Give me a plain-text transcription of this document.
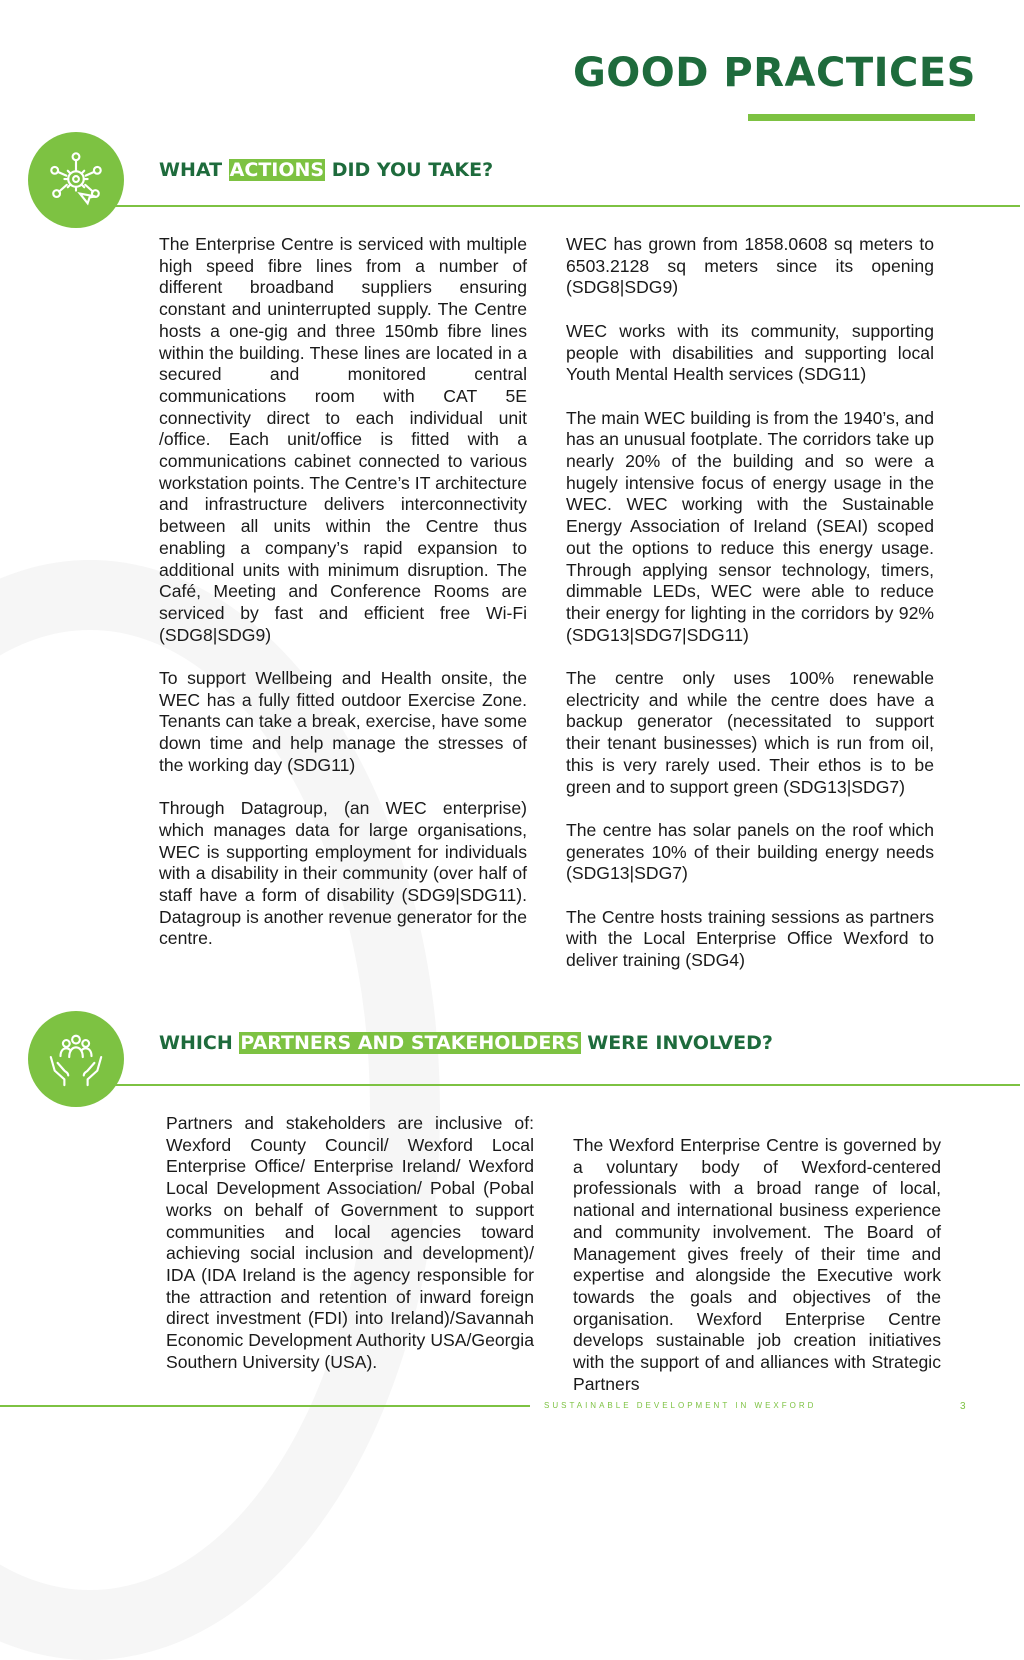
GOOD PRACTICES
WHAT ACTIONS DID YOU TAKE?

The Enterprise Centre is serviced with multiple high speed fibre lines from a number of different broadband suppliers ensuring constant and uninterrupted supply. The Centre hosts a one-gig and three 150mb fibre lines within the building. These lines are located in a secured and monitored central communications room with CAT 5E connectivity direct to each individual unit /office. Each unit/office is fitted with a communications cabinet connected to various workstation points. The Centre’s IT architecture and infrastructure delivers interconnectivity between all units within the Centre thus enabling a company’s rapid expansion to additional units with minimum disruption. The Café, Meeting and Conference Rooms are serviced by fast and efficient free Wi-Fi (SDG8|SDG9)

To support Wellbeing and Health onsite, the WEC has a fully fitted outdoor Exercise Zone. Tenants can take a break, exercise, have some down time and help manage the stresses of the working day (SDG11)

Through Datagroup, (an WEC enterprise) which manages data for large organisations, WEC is supporting employment for individuals with a disability in their community (over half of staff have a form of disability (SDG9|SDG11). Datagroup is another revenue generator for the centre.

WEC has grown from 1858.0608 sq meters to 6503.2128 sq meters since its opening (SDG8|SDG9)

WEC works with its community, supporting people with disabilities and supporting local Youth Mental Health services (SDG11)

The main WEC building is from the 1940’s, and has an unusual footplate. The corridors take up nearly 20% of the building and so were a hugely intensive focus of energy usage in the WEC. WEC working with the Sustainable Energy Association of Ireland (SEAI) scoped out the options to reduce this energy usage. Through applying sensor technology, timers, dimmable LEDs, WEC were able to reduce their energy for lighting in the corridors by 92% (SDG13|SDG7|SDG11)

The centre only uses 100% renewable electricity and while the centre does have a backup generator (necessitated to support their tenant businesses) which is run from oil, this is very rarely used. Their ethos is to be green and to support green (SDG13|SDG7)

The centre has solar panels on the roof which generates 10% of their building energy needs (SDG13|SDG7)

The Centre hosts training sessions as partners with the Local Enterprise Office Wexford to deliver training (SDG4)

Partners and stakeholders are inclusive of: Wexford County Council/ Wexford Local Enterprise Office/ Enterprise Ireland/ Wexford Local Development Association/ Pobal (Pobal works on behalf of Government to support communities and local agencies toward achieving social inclusion and development)/ IDA (IDA Ireland is the agency responsible for the attraction and retention of inward foreign direct investment (FDI) into Ireland)/Savannah Economic Development Authority USA/Georgia Southern University (USA).

The Wexford Enterprise Centre is governed by a voluntary body of Wexford-centered professionals with a broad range of local, national and international business experience and community involvement. The Board of Management gives freely of their time and expertise and alongside the Executive work towards the goals and objectives of the organisation. Wexford Enterprise Centre develops sustainable job creation initiatives with the support of and alliances with Strategic Partners

WHICH PARTNERS AND STAKEHOLDERS WERE INVOLVED?
SUSTAINABLE DEVELOPMENT IN WEXFORD	3
